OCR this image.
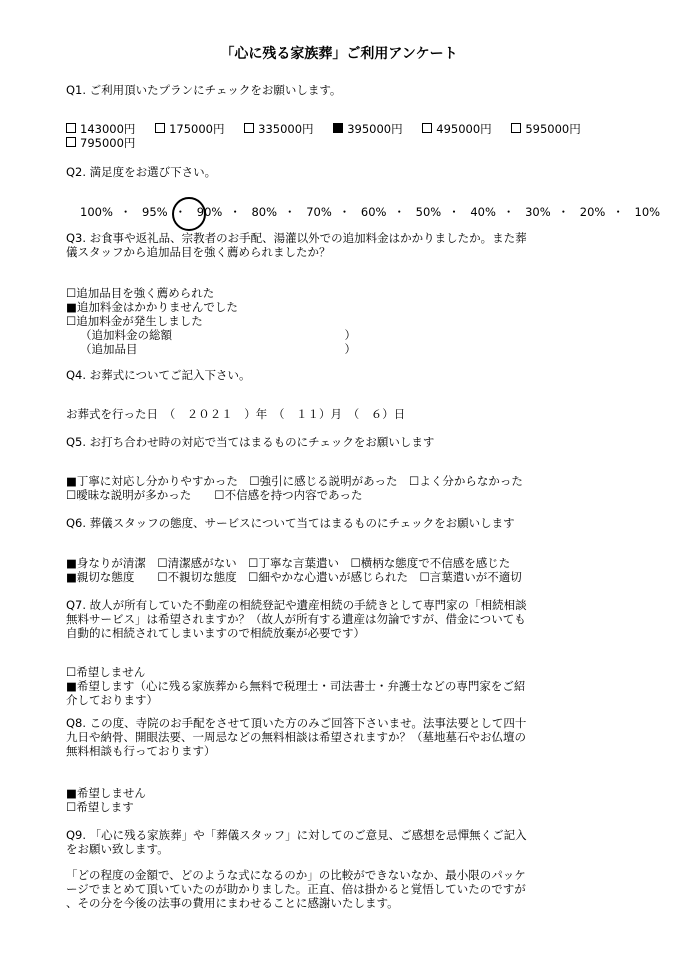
「心に残る家族葬」ご利用アンケート
Q1. ご利用頂いたプランにチェックをお願いします。
143000円	175000円	335000円	395000円	495000円	595000円 795000円
Q2. 満足度をお選び下さい。
100% ・ 95% ・ 90% ・ 80% ・ 70% ・ 60% ・ 50% ・ 40% ・ 30% ・ 20% ・ 10%
Q3. お食事や返礼品、宗教者のお手配、湯灌以外での追加料金はかかりましたか。また葬
儀スタッフから追加品目を強く薦められましたか？
☐追加品目を強く薦められた
■追加料金はかかりませんでした
☐追加料金が発生しました
（追加料金の総額　　　　　　　　　　　　　　　）
（追加品目　　　　　　　　　　　　　　　　　　）
Q4. お葬式についてご記入下さい。
お葬式を行った日　（　２０２１　）年　（　１１）月　（　６）日
Q5. お打ち合わせ時の対応で当てはまるものにチェックをお願いします
■丁寧に対応し分かりやすかった　☐強引に感じる説明があった　☐よく分からなかった
☐曖昧な説明が多かった　　☐不信感を持つ内容であった
Q6. 葬儀スタッフの態度、サービスについて当てはまるものにチェックをお願いします
■身なりが清潔　☐清潔感がない　☐丁寧な言葉遣い　☐横柄な態度で不信感を感じた
■親切な態度　　☐不親切な態度　☐細やかな心遣いが感じられた　☐言葉遣いが不適切
Q7. 故人が所有していた不動産の相続登記や遺産相続の手続きとして専門家の「相続相談
無料サービス」は希望されますか？（故人が所有する遺産は勿論ですが、借金についても
自動的に相続されてしまいますので相続放棄が必要です）
☐希望しません
■希望します（心に残る家族葬から無料で税理士・司法書士・弁護士などの専門家をご紹
介しております）
Q8. この度、寺院のお手配をさせて頂いた方のみご回答下さいませ。法事法要として四十
九日や納骨、開眼法要、一周忌などの無料相談は希望されますか？（墓地墓石やお仏壇の
無料相談も行っております）
■希望しません
☐希望します
Q9. 「心に残る家族葬」や「葬儀スタッフ」に対してのご意見、ご感想を忌憚無くご記入
をお願い致します。
「どの程度の金額で、どのような式になるのか」の比較ができないなか、最小限のパッケ
ージでまとめて頂いていたのが助かりました。正直、倍は掛かると覚悟していたのですが
、その分を今後の法事の費用にまわせることに感謝いたします。
